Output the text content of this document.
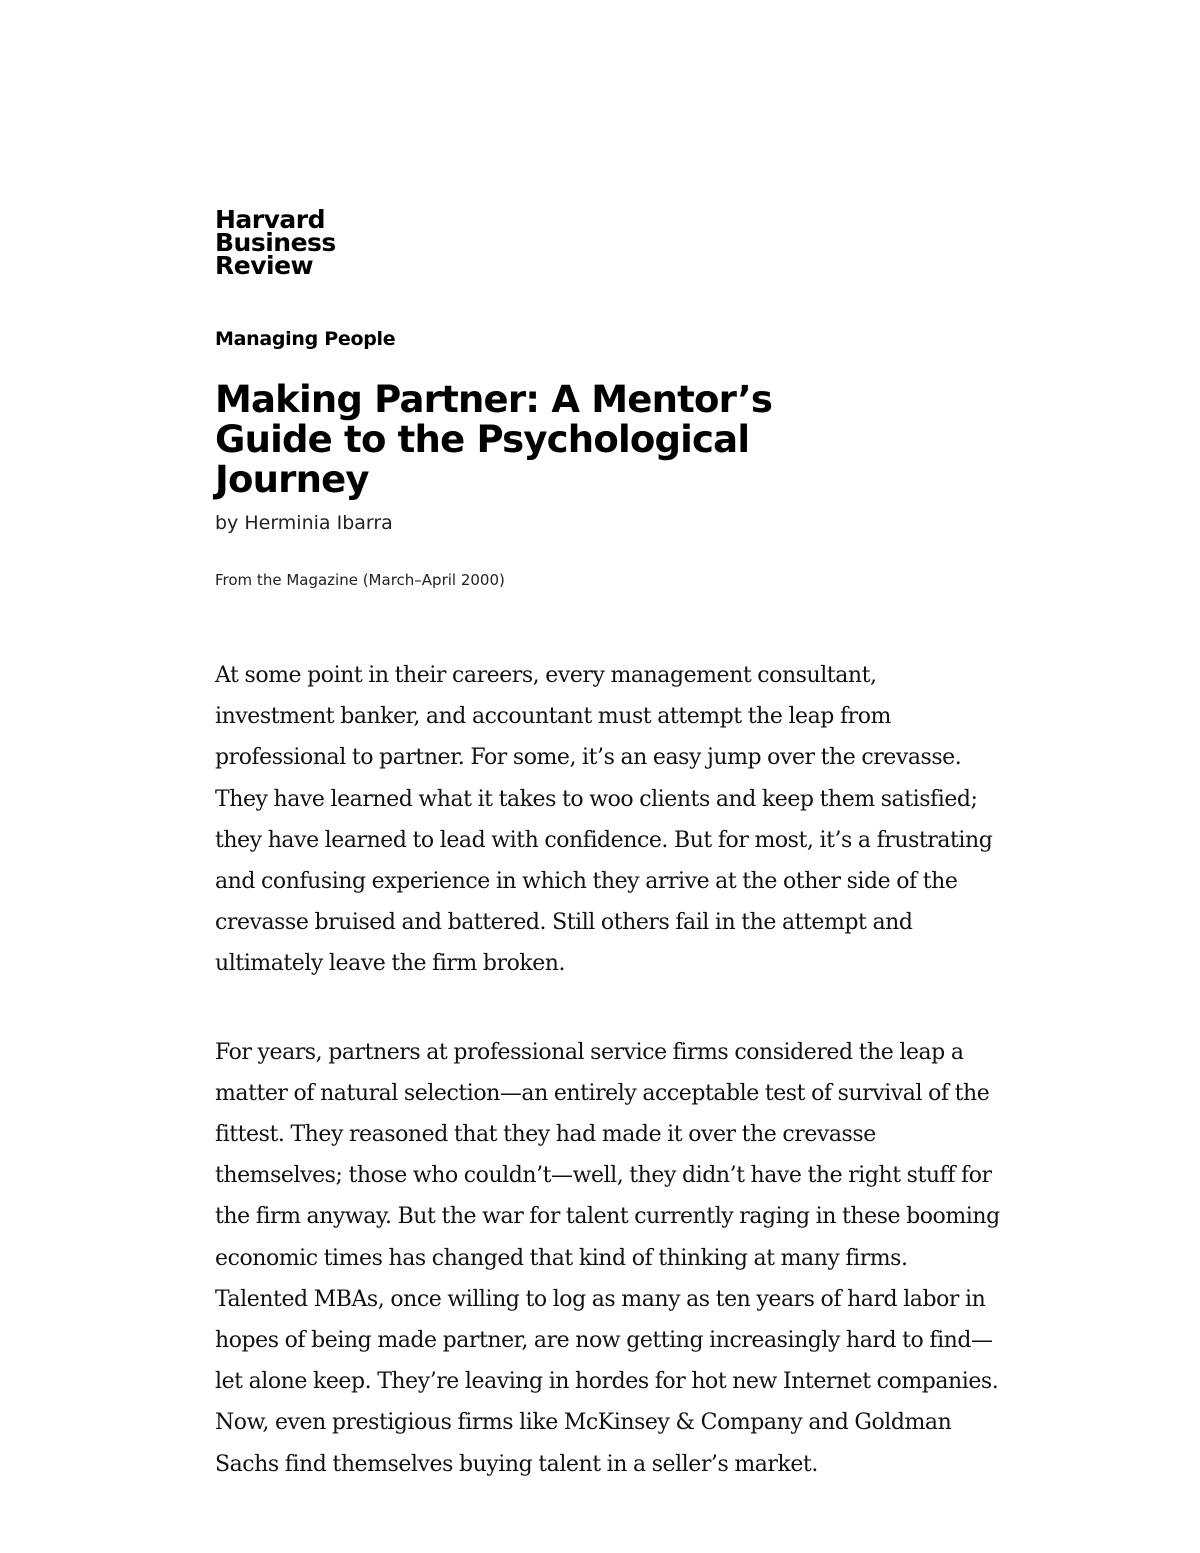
Harvard
Business
Review
Managing People
Making Partner: A Mentor’s Guide to the Psychological Journey
by Herminia Ibarra
From the Magazine (March–April 2000)

At some point in their careers, every management consultant, investment banker, and accountant must attempt the leap from professional to partner. For some, it’s an easy jump over the crevasse. They have learned what it takes to woo clients and keep them satisfied; they have learned to lead with confidence. But for most, it’s a frustrating and confusing experience in which they arrive at the other side of the crevasse bruised and battered. Still others fail in the attempt and ultimately leave the firm broken.

For years, partners at professional service firms considered the leap a matter of natural selection—an entirely acceptable test of survival of the fittest. They reasoned that they had made it over the crevasse themselves; those who couldn’t—well, they didn’t have the right stuff for the firm anyway. But the war for talent currently raging in these booming economic times has changed that kind of thinking at many firms. Talented MBAs, once willing to log as many as ten years of hard labor in hopes of being made partner, are now getting increasingly hard to find—let alone keep. They’re leaving in hordes for hot new Internet companies. Now, even prestigious firms like McKinsey & Company and Goldman Sachs find themselves buying talent in a seller’s market.
